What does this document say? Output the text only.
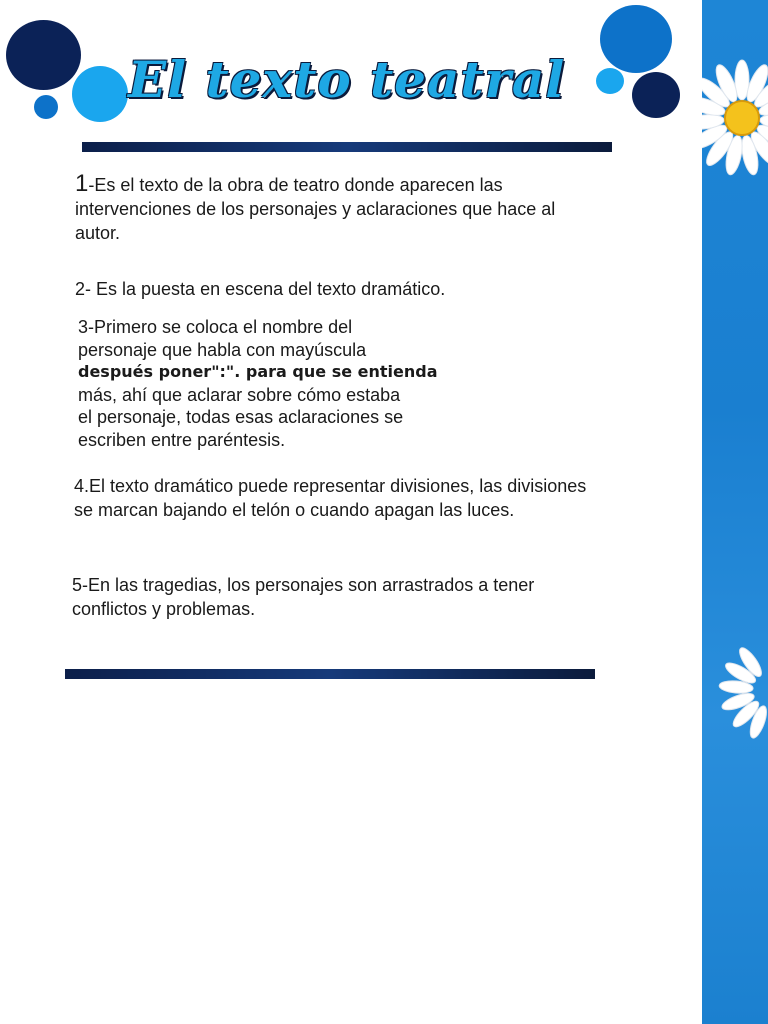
El texto teatral
1-Es el texto de la obra de teatro donde aparecen las intervenciones de los personajes y aclaraciones que hace al autor.
2- Es la puesta en escena del texto dramático.
3-Primero se coloca el nombre del
personaje que habla con mayúscula
después poner":". para que se entienda
más, ahí que aclarar sobre cómo estaba
el personaje, todas esas aclaraciones se
escriben entre paréntesis.
4.El texto dramático puede representar divisiones, las divisiones se marcan bajando el telón o cuando apagan las luces.
5-En las tragedias, los personajes son arrastrados a tener conflictos y problemas.
